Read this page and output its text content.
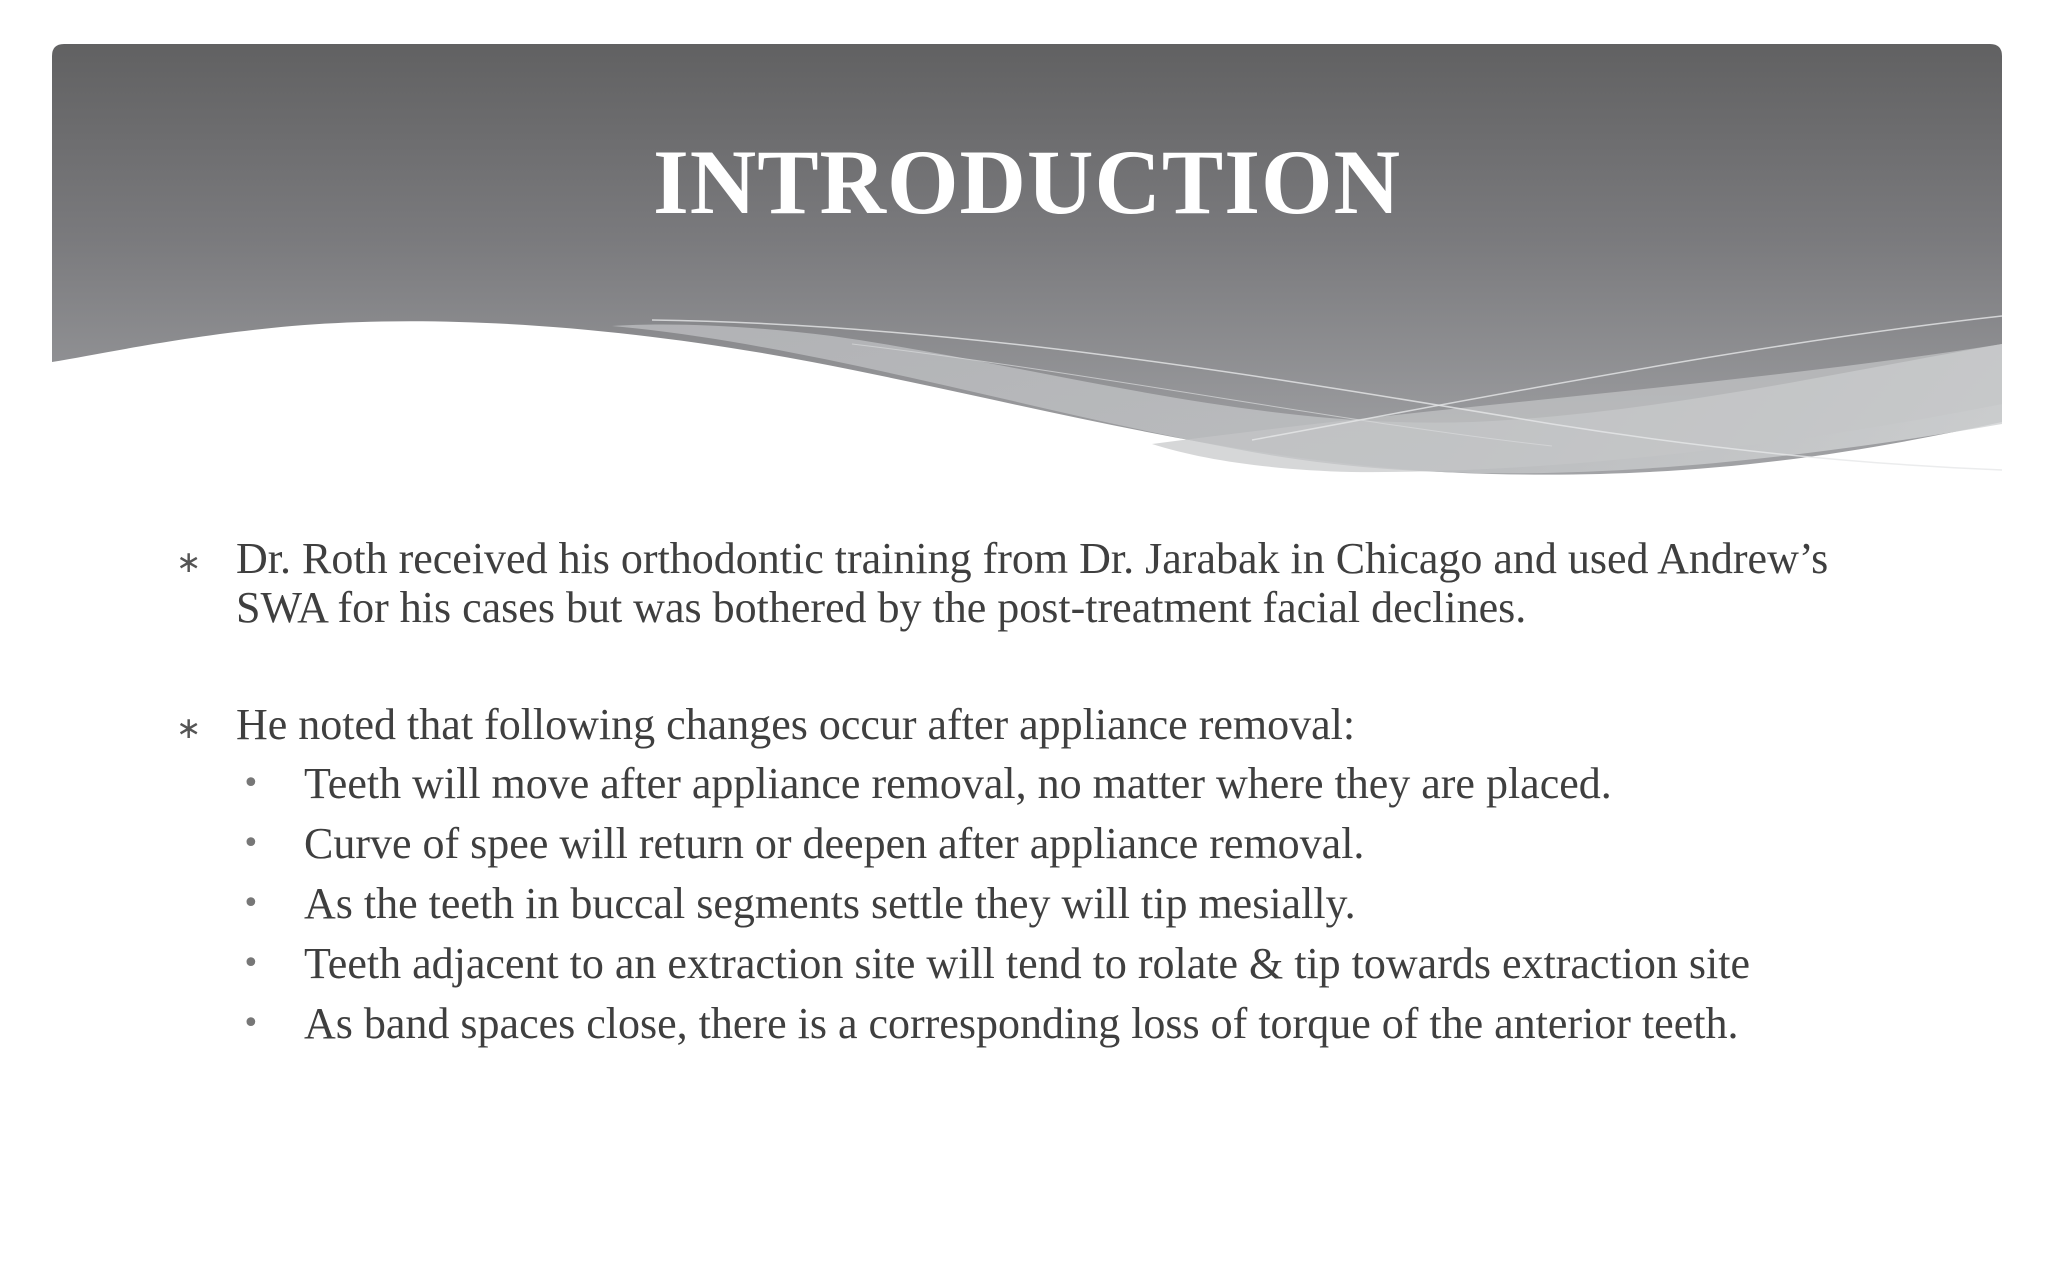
INTRODUCTION
∗ Dr. Roth received his orthodontic training from Dr. Jarabak in Chicago and used Andrew’s SWA for his cases but was bothered by the post-treatment facial declines.
∗ He noted that following changes occur after appliance removal:
• Teeth will move after appliance removal, no matter where they are placed.
• Curve of spee will return or deepen after appliance removal.
• As the teeth in buccal segments settle they will tip mesially.
• Teeth adjacent to an extraction site will tend to rolate & tip towards extraction site
• As band spaces close, there is a corresponding loss of torque of the anterior teeth.
